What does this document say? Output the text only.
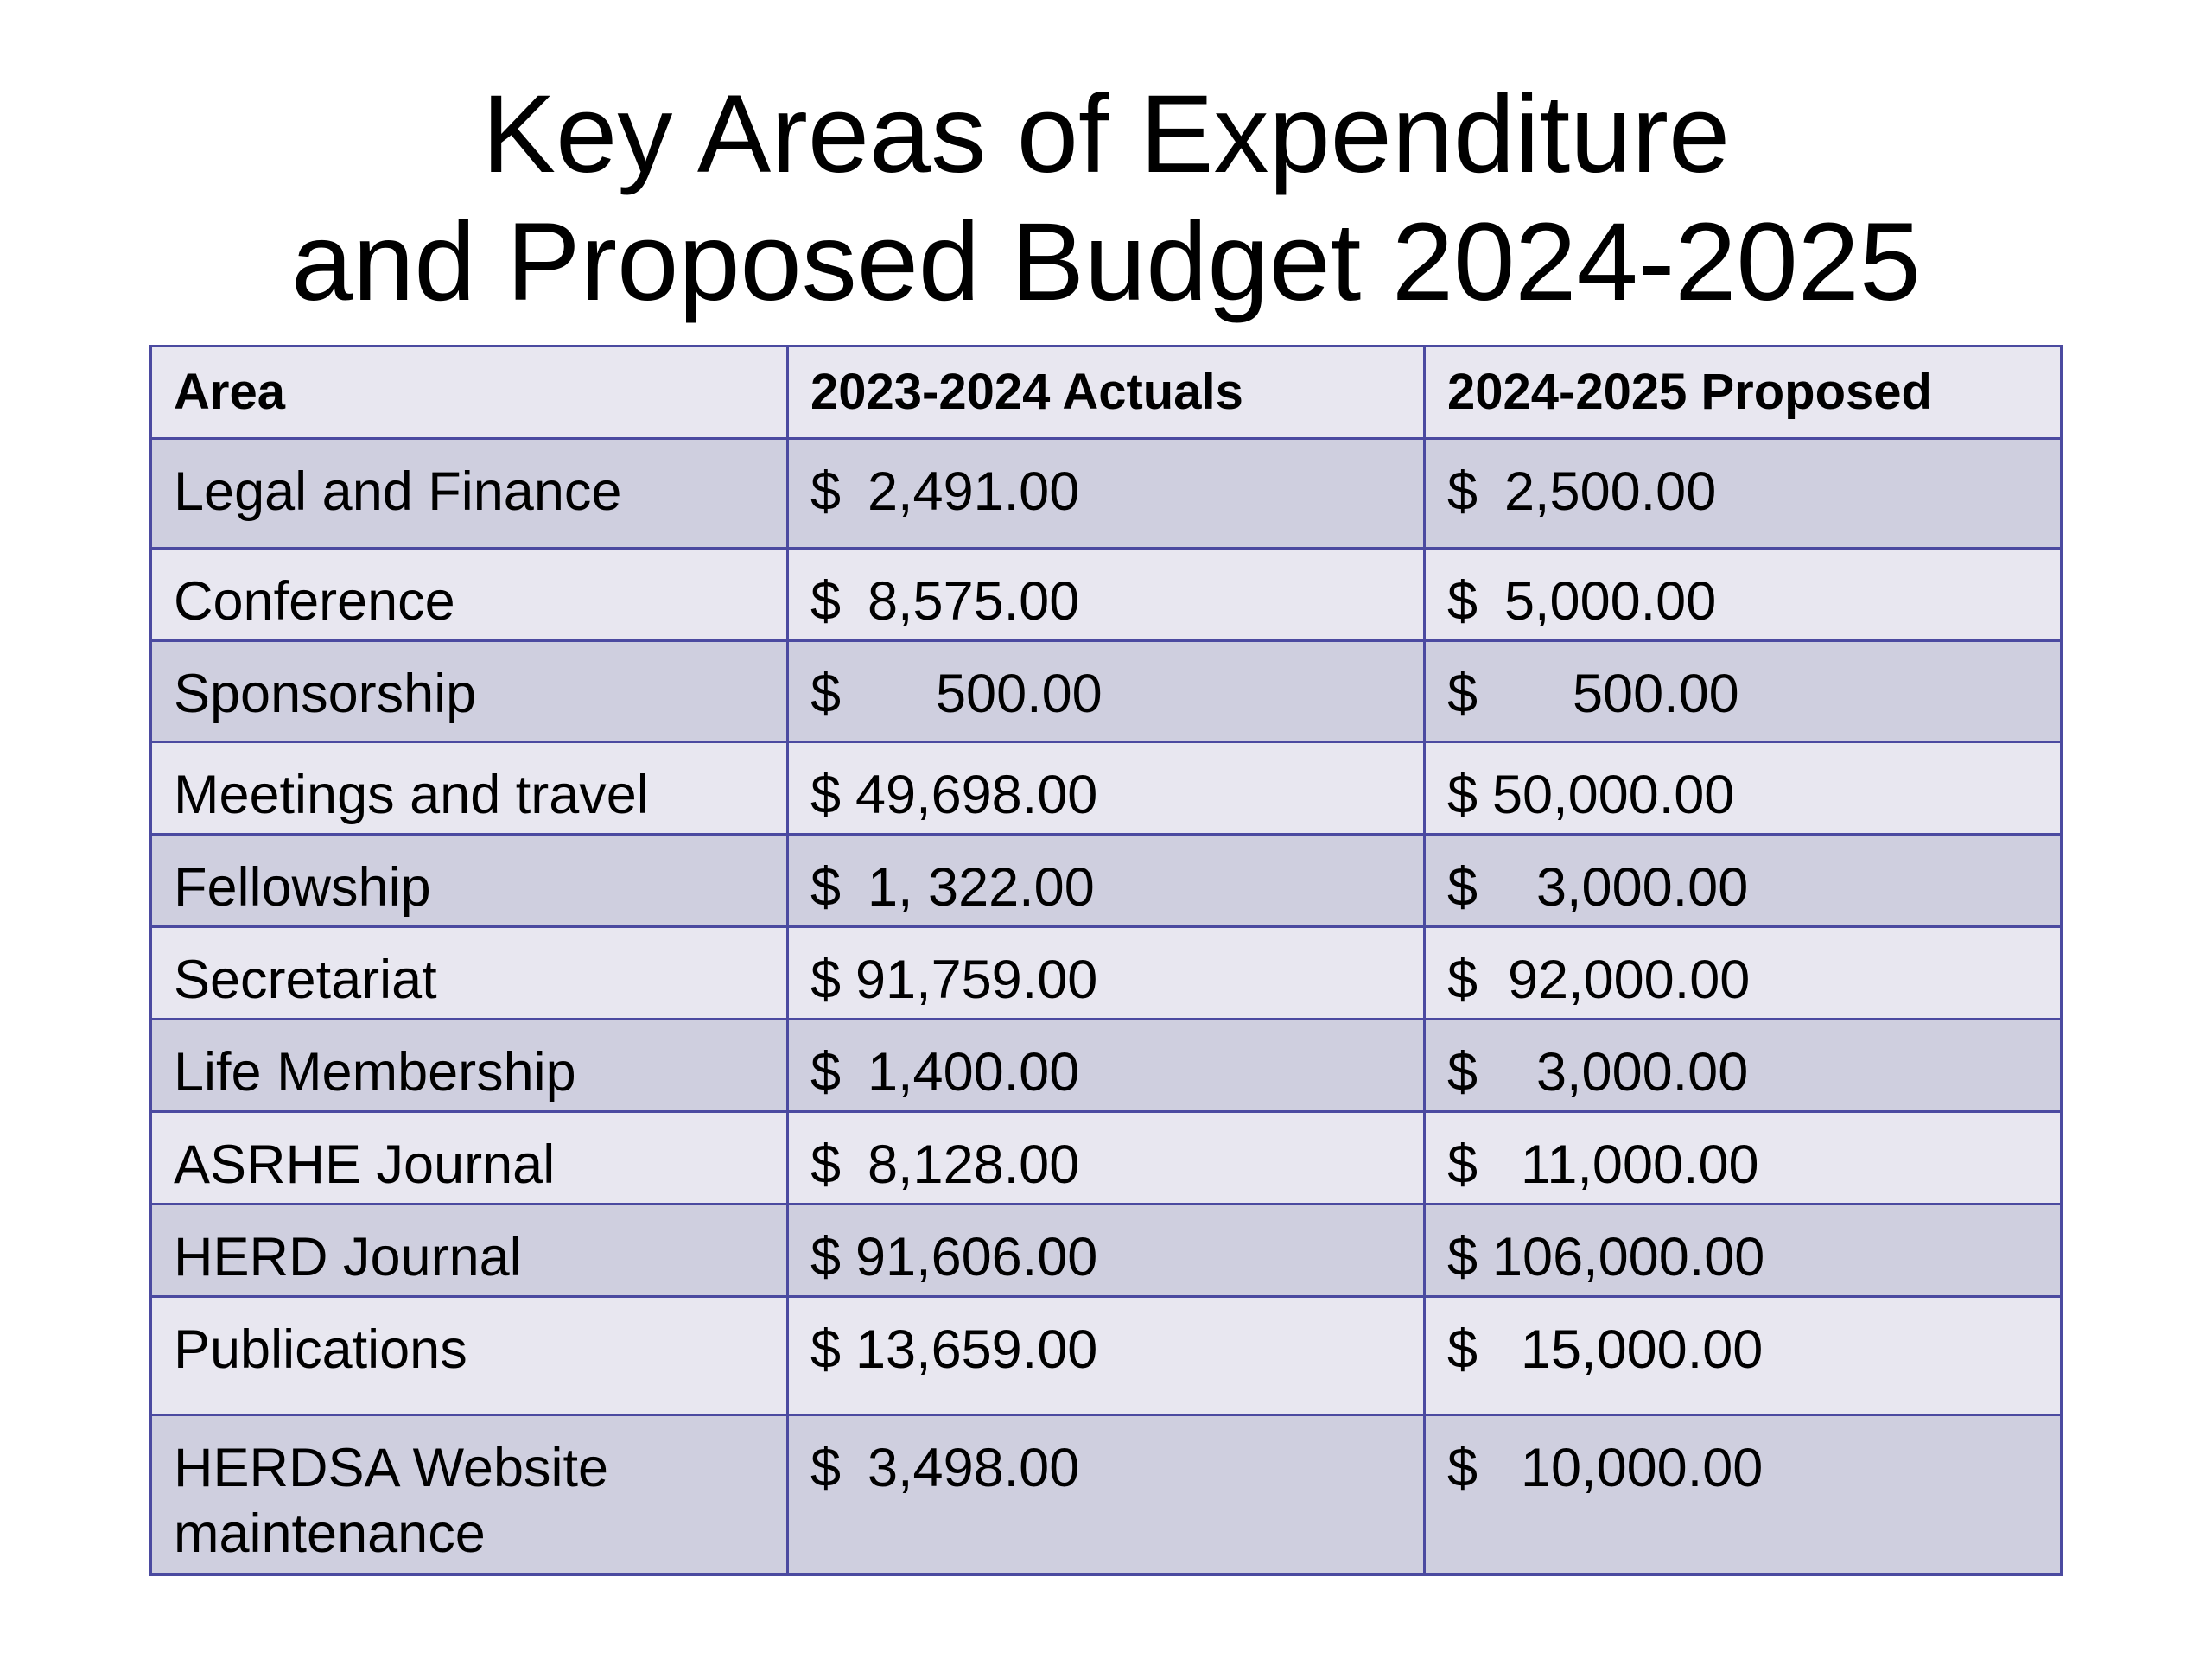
Key Areas of Expenditure
and Proposed Budget 2024-2025
Area	2023-2024 Actuals	2024-2025 Proposed
Legal and Finance	$ 2,491.00	$ 2,500.00

Conference	$ 8,575.00	$ 5,000.00

Sponsorship	$ 500.00	$ 500.00

Meetings and travel	$ 49,698.00	$ 50,000.00

Fellowship	$ 1, 322.00	$ 3,000.00

Secretariat	$ 91,759.00	$ 92,000.00

Life Membership	$ 1,400.00	$ 3,000.00

ASRHE Journal	$ 8,128.00	$ 11,000.00

HERD Journal	$ 91,606.00	$ 106,000.00

Publications	$ 13,659.00	$ 15,000.00

HERDSA Website maintenance	$ 3,498.00	$ 10,000.00
